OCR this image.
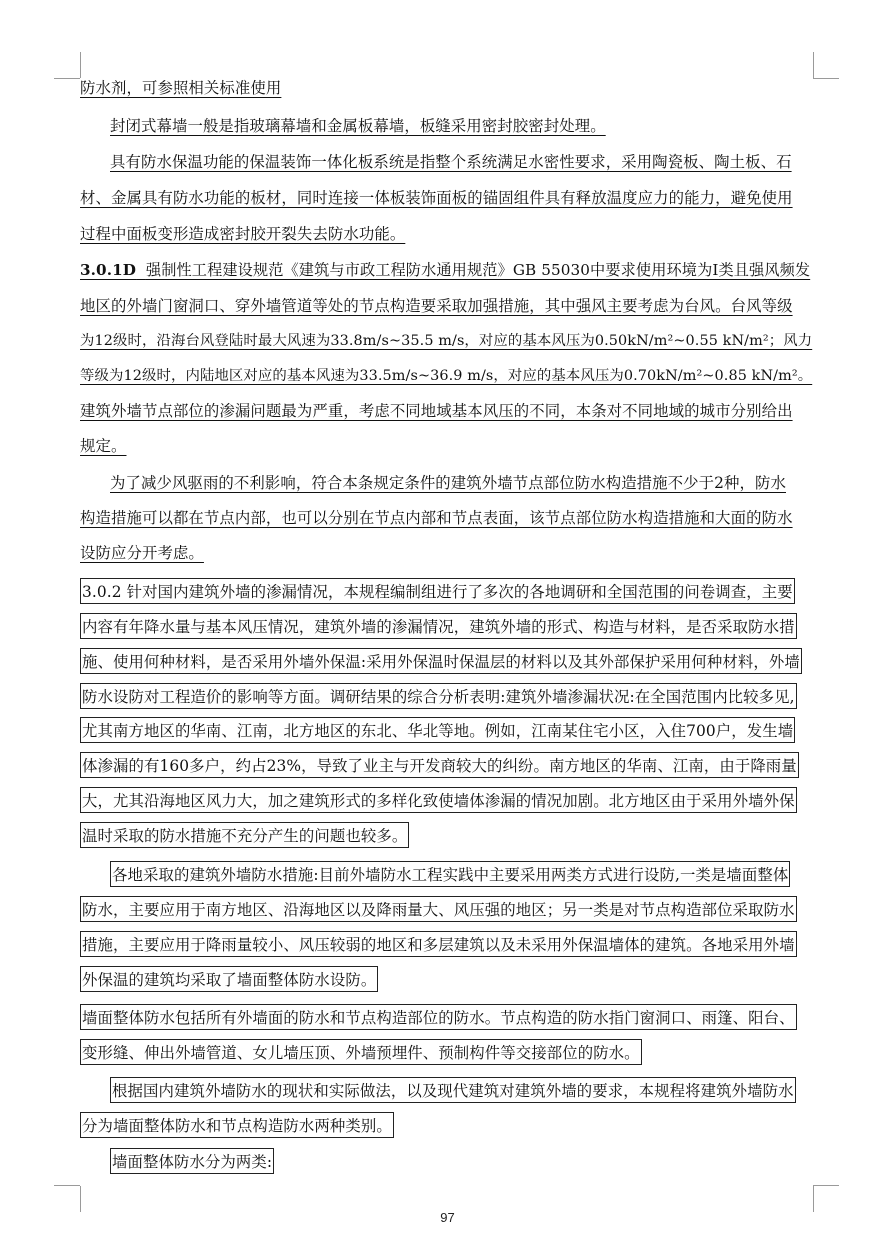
防水剂，可参照相关标准使用
封闭式幕墙一般是指玻璃幕墙和金属板幕墙，板缝采用密封胶密封处理。
具有防水保温功能的保温装饰一体化板系统是指整个系统满足水密性要求，采用陶瓷板、陶土板、石
材、金属具有防水功能的板材，同时连接一体板装饰面板的锚固组件具有释放温度应力的能力，避免使用
过程中面板变形造成密封胶开裂失去防水功能。
3.0.1D 强制性工程建设规范《建筑与市政工程防水通用规范》GB 55030中要求使用环境为I类且强风频发
地区的外墙门窗洞口、穿外墙管道等处的节点构造要采取加强措施，其中强风主要考虑为台风。台风等级
为12级时，沿海台风登陆时最大风速为33.8m/s~35.5 m/s，对应的基本风压为0.50kN/m²~0.55 kN/m²；风力
等级为12级时，内陆地区对应的基本风速为33.5m/s~36.9 m/s，对应的基本风压为0.70kN/m²~0.85 kN/m²。
建筑外墙节点部位的渗漏问题最为严重，考虑不同地域基本风压的不同，本条对不同地域的城市分别给出
规定。
为了减少风驱雨的不利影响，符合本条规定条件的建筑外墙节点部位防水构造措施不少于2种，防水
构造措施可以都在节点内部，也可以分别在节点内部和节点表面，该节点部位防水构造措施和大面的防水
设防应分开考虑。
3.0.2 针对国内建筑外墙的渗漏情况，本规程编制组进行了多次的各地调研和全国范围的问卷调查，主要
内容有年降水量与基本风压情况，建筑外墙的渗漏情况，建筑外墙的形式、构造与材料，是否采取防水措
施、使用何种材料，是否采用外墙外保温:采用外保温时保温层的材料以及其外部保护采用何种材料，外墙
防水设防对工程造价的影响等方面。调研结果的综合分析表明:建筑外墙渗漏状况:在全国范围内比较多见,
尤其南方地区的华南、江南，北方地区的东北、华北等地。例如，江南某住宅小区，入住700户，发生墙
体渗漏的有160多户，约占23%，导致了业主与开发商较大的纠纷。南方地区的华南、江南，由于降雨量
大，尤其沿海地区风力大，加之建筑形式的多样化致使墙体渗漏的情况加剧。北方地区由于采用外墙外保
温时采取的防水措施不充分产生的问题也较多。
各地采取的建筑外墙防水措施:目前外墙防水工程实践中主要采用两类方式进行设防,一类是墙面整体
防水，主要应用于南方地区、沿海地区以及降雨量大、风压强的地区；另一类是对节点构造部位采取防水
措施，主要应用于降雨量较小、风压较弱的地区和多层建筑以及未采用外保温墙体的建筑。各地采用外墙
外保温的建筑均采取了墙面整体防水设防。
墙面整体防水包括所有外墙面的防水和节点构造部位的防水。节点构造的防水指门窗洞口、雨篷、阳台、
变形缝、伸出外墙管道、女儿墙压顶、外墙预埋件、预制构件等交接部位的防水。
根据国内建筑外墙防水的现状和实际做法，以及现代建筑对建筑外墙的要求，本规程将建筑外墙防水
分为墙面整体防水和节点构造防水两种类别。
墙面整体防水分为两类:
97
